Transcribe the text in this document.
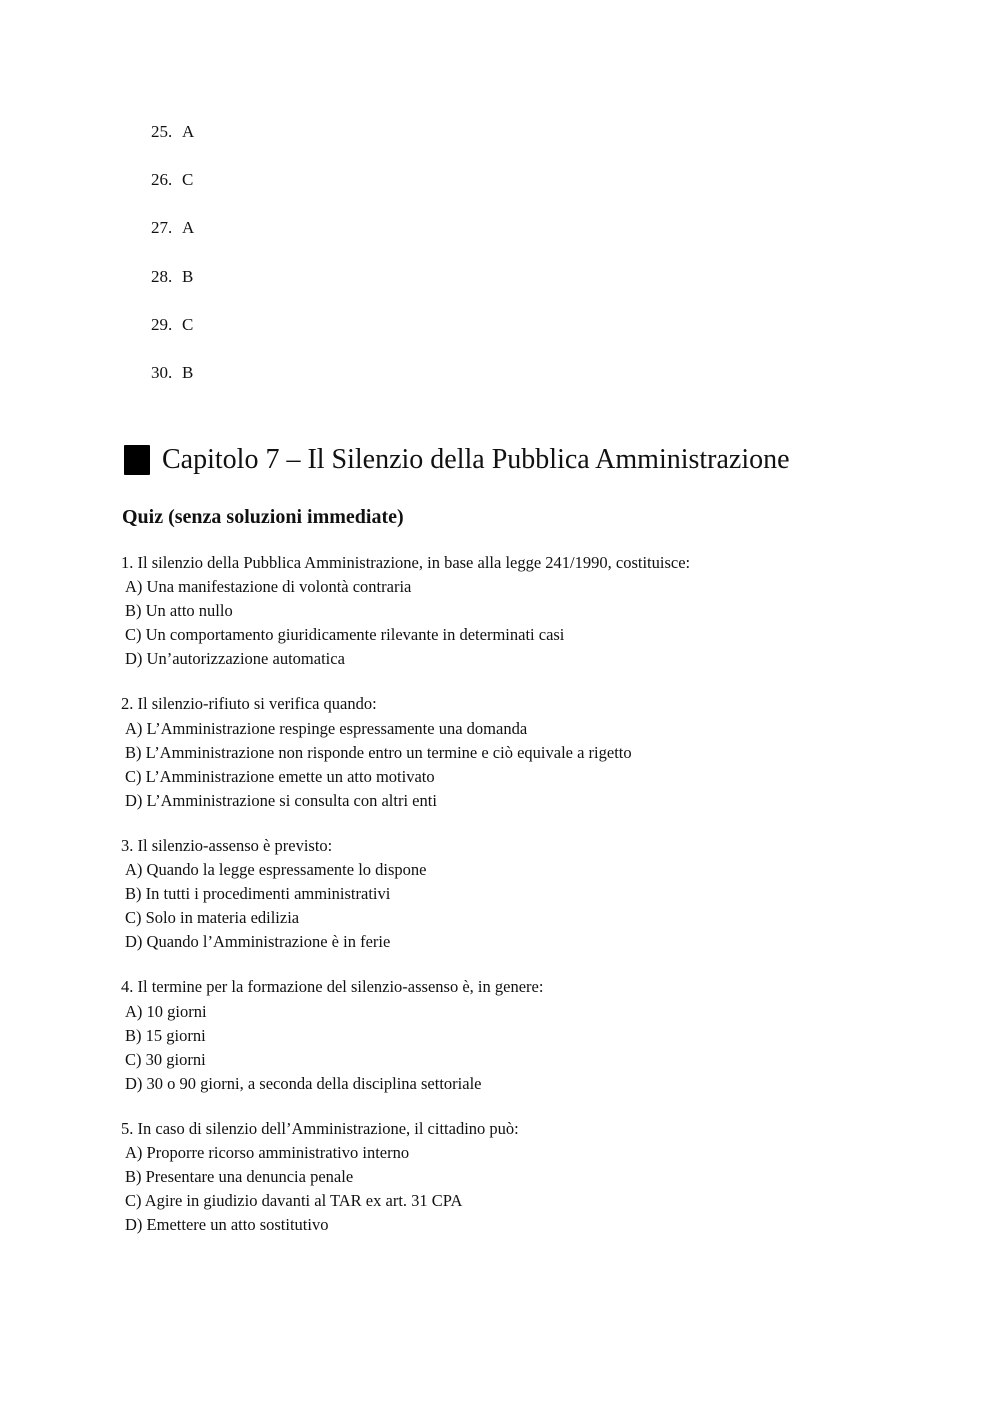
25. A
26. C
27. A
28. B
29. C
30. B
Capitolo 7 – Il Silenzio della Pubblica Amministrazione
Quiz (senza soluzioni immediate)
1. Il silenzio della Pubblica Amministrazione, in base alla legge 241/1990, costituisce:
A) Una manifestazione di volontà contraria
B) Un atto nullo
C) Un comportamento giuridicamente rilevante in determinati casi
D) Un’autorizzazione automatica
2. Il silenzio-rifiuto si verifica quando:
A) L’Amministrazione respinge espressamente una domanda
B) L’Amministrazione non risponde entro un termine e ciò equivale a rigetto
C) L’Amministrazione emette un atto motivato
D) L’Amministrazione si consulta con altri enti
3. Il silenzio-assenso è previsto:
A) Quando la legge espressamente lo dispone
B) In tutti i procedimenti amministrativi
C) Solo in materia edilizia
D) Quando l’Amministrazione è in ferie
4. Il termine per la formazione del silenzio-assenso è, in genere:
A) 10 giorni
B) 15 giorni
C) 30 giorni
D) 30 o 90 giorni, a seconda della disciplina settoriale
5. In caso di silenzio dell’Amministrazione, il cittadino può:
A) Proporre ricorso amministrativo interno
B) Presentare una denuncia penale
C) Agire in giudizio davanti al TAR ex art. 31 CPA
D) Emettere un atto sostitutivo
